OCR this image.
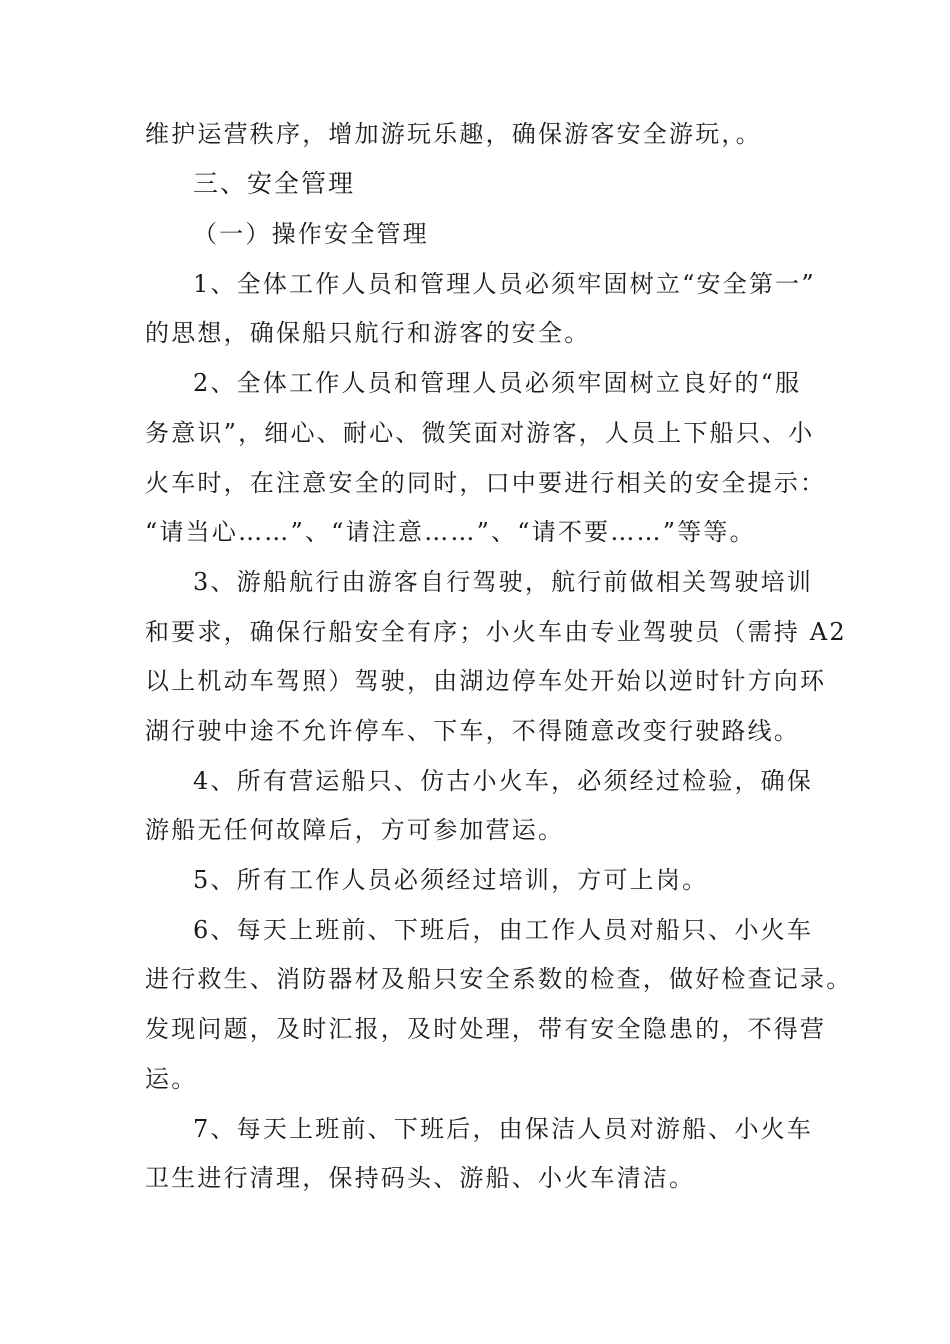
维护运营秩序，增加游玩乐趣，确保游客安全游玩，。
三、安全管理
（一）操作安全管理
1、全体工作人员和管理人员必须牢固树立“安全第一”
的思想，确保船只航行和游客的安全。
2、全体工作人员和管理人员必须牢固树立良好的“服
务意识”，细心、耐心、微笑面对游客，人员上下船只、小
火车时，在注意安全的同时，口中要进行相关的安全提示：
“请当心……”、“请注意……”、“请不要……”等等。
3、游船航行由游客自行驾驶，航行前做相关驾驶培训
和要求，确保行船安全有序；小火车由专业驾驶员（需持 A2
以上机动车驾照）驾驶，由湖边停车处开始以逆时针方向环
湖行驶中途不允许停车、下车，不得随意改变行驶路线。
4、所有营运船只、仿古小火车，必须经过检验，确保
游船无任何故障后，方可参加营运。
5、所有工作人员必须经过培训，方可上岗。
6、每天上班前、下班后，由工作人员对船只、小火车
进行救生、消防器材及船只安全系数的检查，做好检查记录。
发现问题，及时汇报，及时处理，带有安全隐患的，不得营
运。
7、每天上班前、下班后，由保洁人员对游船、小火车
卫生进行清理，保持码头、游船、小火车清洁。
